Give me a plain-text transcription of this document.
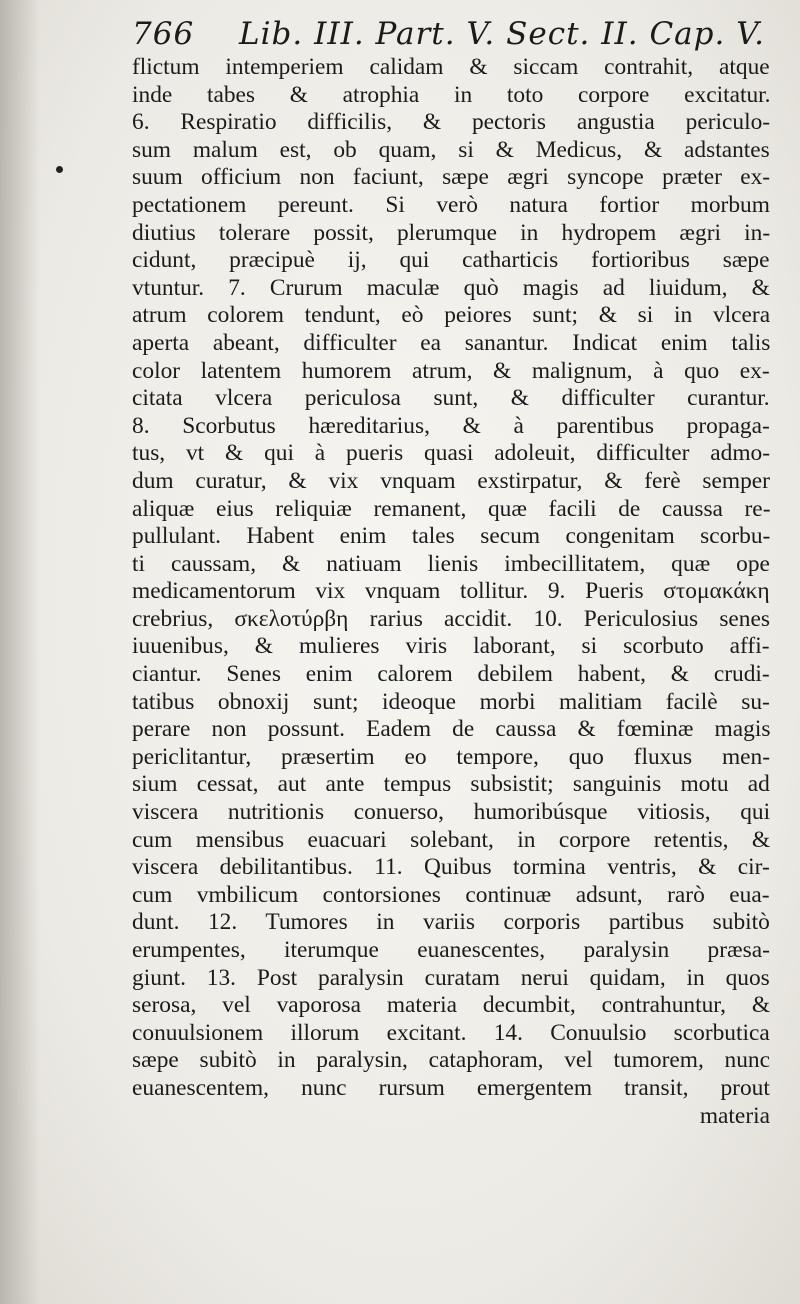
766 Lib. III. Part. V. Sect. II. Cap. V.
flictum intemperiem calidam & siccam contrahit, atque
inde tabes & atrophia in toto corpore excitatur.
6. Respiratio difficilis, & pectoris angustia periculo-
sum malum est, ob quam, si & Medicus, & adstantes
suum officium non faciunt, sæpe ægri syncope præter ex-
pectationem pereunt. Si verò natura fortior morbum
diutius tolerare possit, plerumque in hydropem ægri in-
cidunt, præcipuè ij, qui catharticis fortioribus sæpe
vtuntur. 7. Crurum maculæ quò magis ad liuidum, &
atrum colorem tendunt, eò peiores sunt; & si in vlcera
aperta abeant, difficulter ea sanantur. Indicat enim talis
color latentem humorem atrum, & malignum, à quo ex-
citata vlcera periculosa sunt, & difficulter curantur.
8. Scorbutus hæreditarius, & à parentibus propaga-
tus, vt & qui à pueris quasi adoleuit, difficulter admo-
dum curatur, & vix vnquam exstirpatur, & ferè semper
aliquæ eius reliquiæ remanent, quæ facili de caussa re-
pullulant. Habent enim tales secum congenitam scorbu-
ti caussam, & natiuam lienis imbecillitatem, quæ ope
medicamentorum vix vnquam tollitur. 9. Pueris στομακάκη
crebrius, σκελοτύρβη rarius accidit. 10. Periculosius senes
iuuenibus, & mulieres viris laborant, si scorbuto affi-
ciantur. Senes enim calorem debilem habent, & crudi-
tatibus obnoxij sunt; ideoque morbi malitiam facilè su-
perare non possunt. Eadem de caussa & fœminæ magis
periclitantur, præsertim eo tempore, quo fluxus men-
sium cessat, aut ante tempus subsistit; sanguinis motu ad
viscera nutritionis conuerso, humoribúsque vitiosis, qui
cum mensibus euacuari solebant, in corpore retentis, &
viscera debilitantibus. 11. Quibus tormina ventris, & cir-
cum vmbilicum contorsiones continuæ adsunt, rarò eua-
dunt. 12. Tumores in variis corporis partibus subitò
erumpentes, iterumque euanescentes, paralysin præsa-
giunt. 13. Post paralysin curatam nerui quidam, in quos
serosa, vel vaporosa materia decumbit, contrahuntur, &
conuulsionem illorum excitant. 14. Conuulsio scorbutica
sæpe subitò in paralysin, cataphoram, vel tumorem, nunc
euanescentem, nunc rursum emergentem transit, prout
materia
